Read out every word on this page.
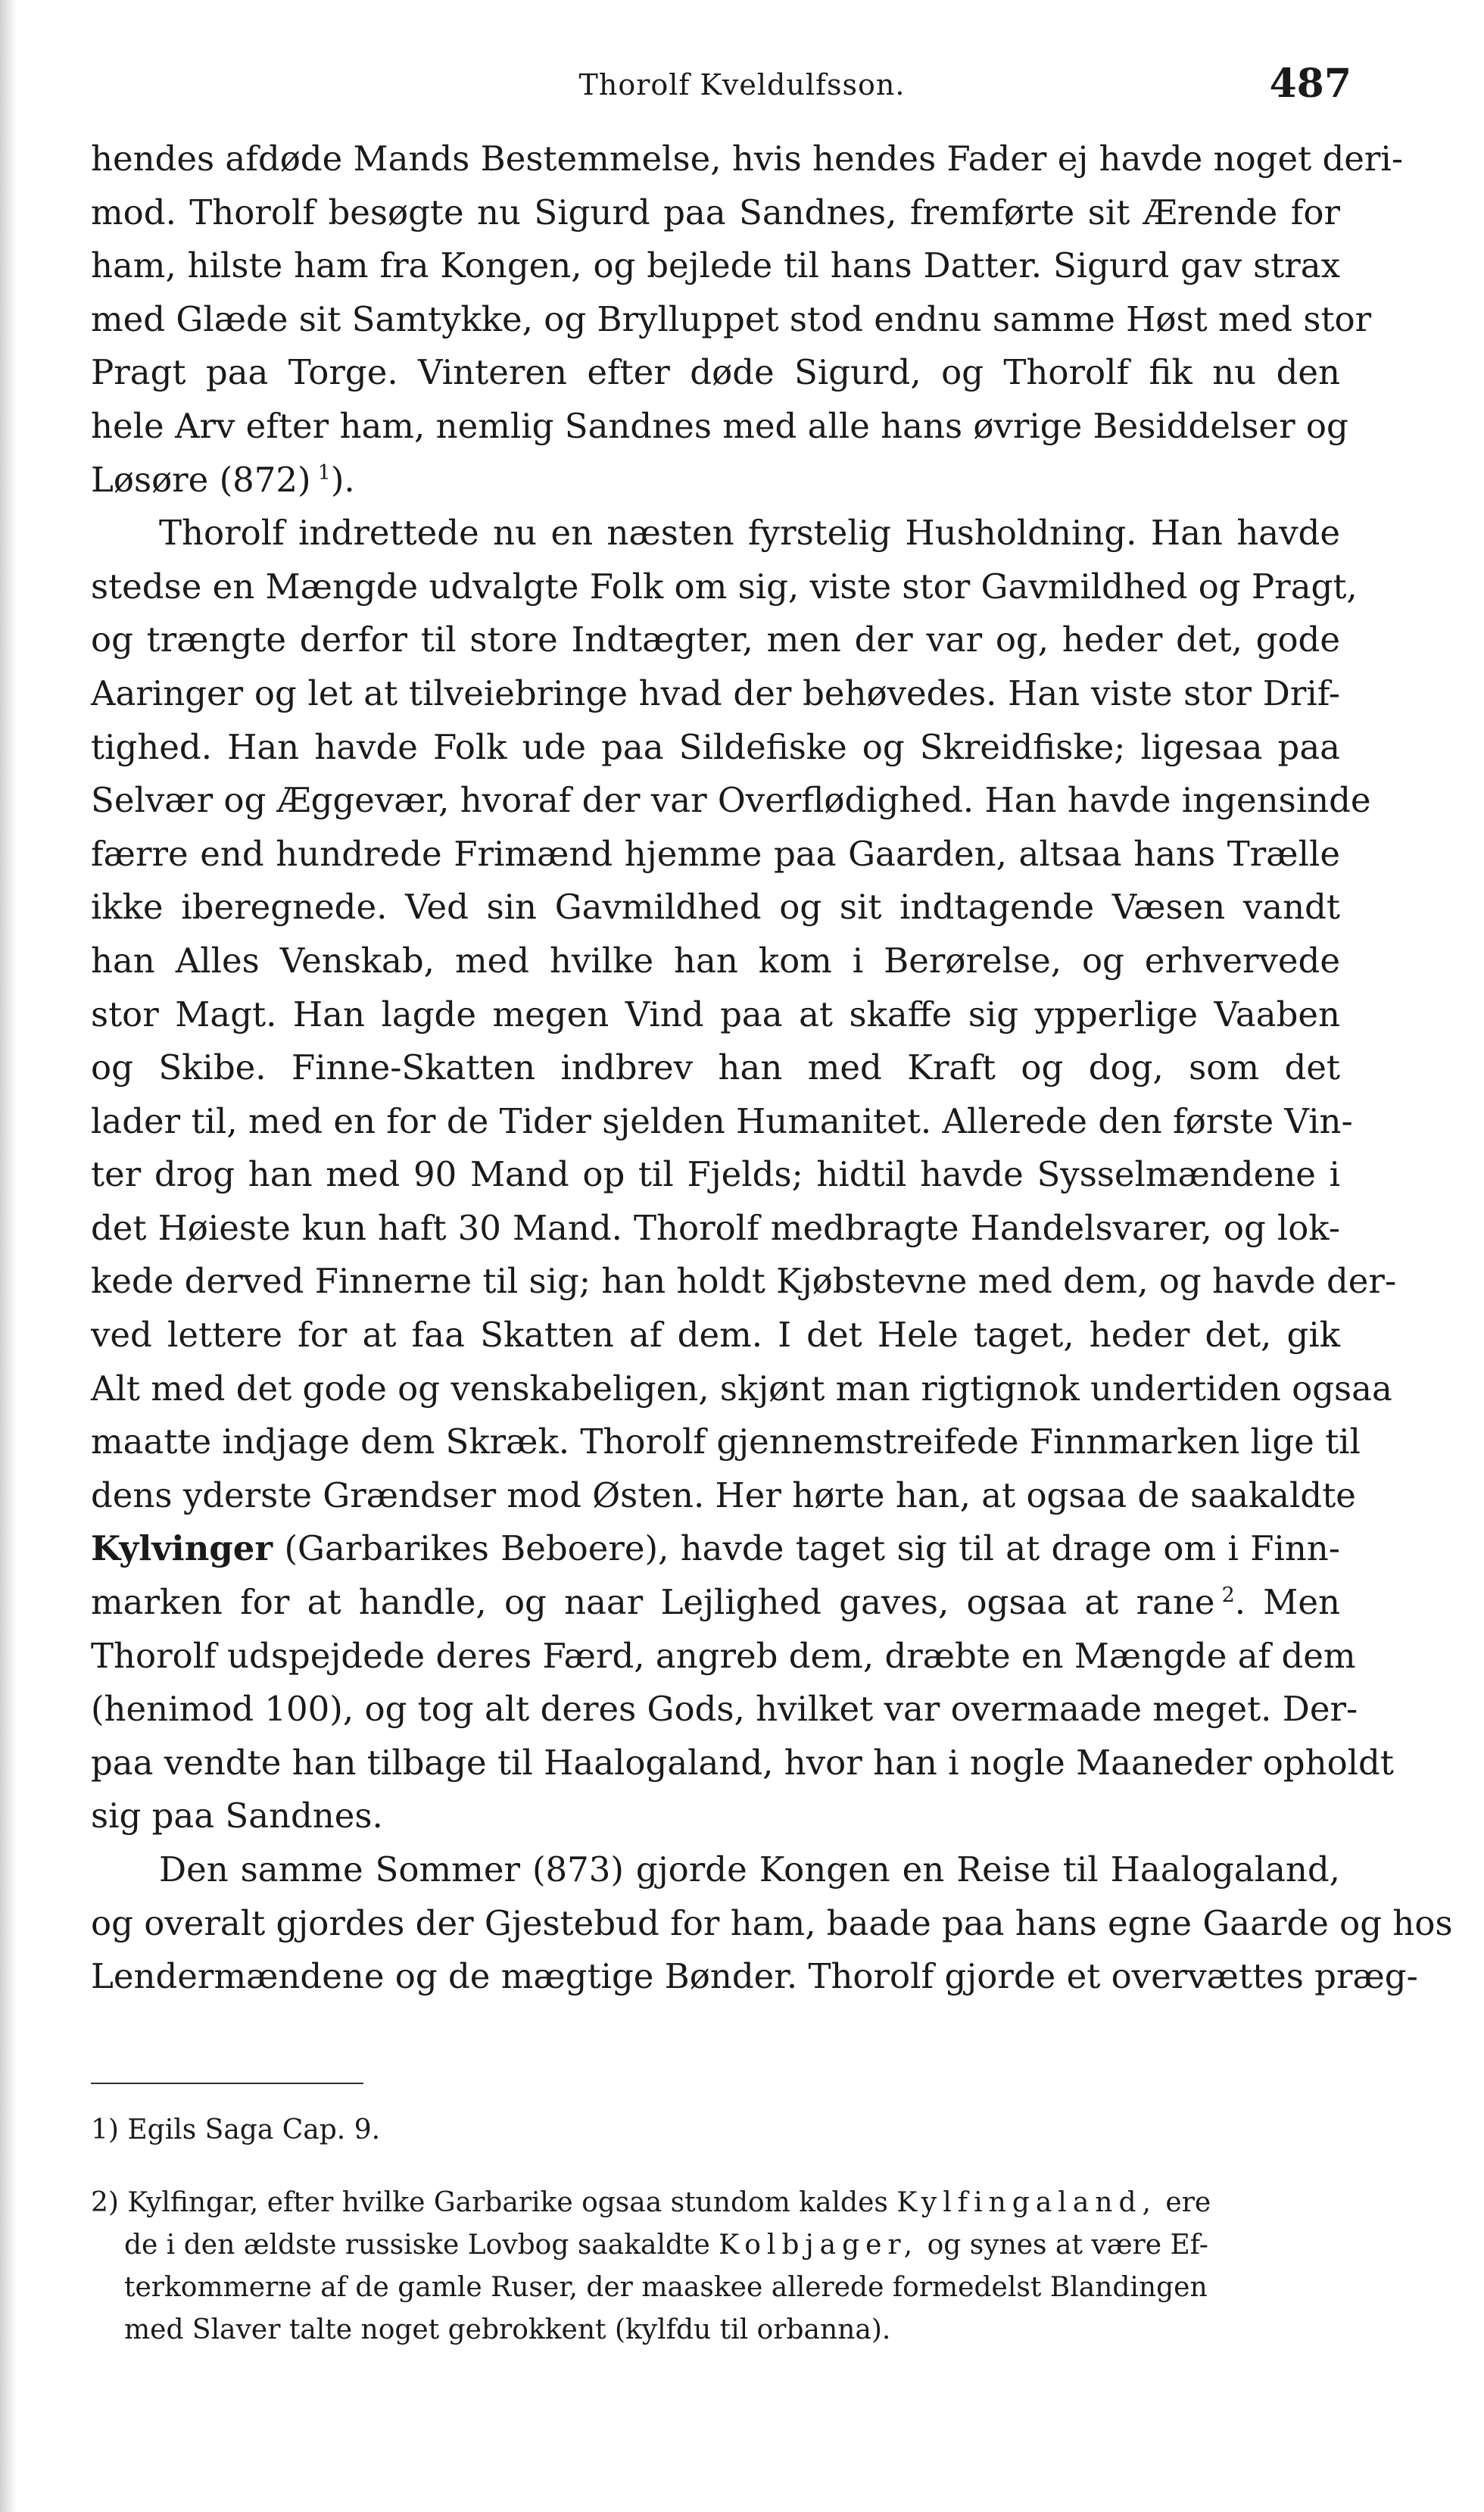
Thorolf Kveldulfsson.	487
hendes afdøde Mands Bestemmelse, hvis hendes Fader ej havde noget deri-
mod. Thorolf besøgte nu Sigurd paa Sandnes, fremførte sit Ærende for
ham, hilste ham fra Kongen, og bejlede til hans Datter. Sigurd gav strax
med Glæde sit Samtykke, og Brylluppet stod endnu samme Høst med stor
Pragt paa Torge. Vinteren efter døde Sigurd, og Thorolf fik nu den
hele Arv efter ham, nemlig Sandnes med alle hans øvrige Besiddelser og
Løsøre (872)  $^1$).
Thorolf indrettede nu en næsten fyrstelig Husholdning. Han havde
stedse en Mængde udvalgte Folk om sig, viste stor Gavmildhed og Pragt,
og trængte derfor til store Indtægter, men der var og, heder det, gode
Aaringer og let at tilveiebringe hvad der behøvedes. Han viste stor Drif-
tighed. Han havde Folk ude paa Sildefiske og Skreidfiske; ligesaa paa
Selvær og Æggevær, hvoraf der var Overflødighed. Han havde ingensinde
færre end hundrede Frimænd hjemme paa Gaarden, altsaa hans Trælle
ikke iberegnede. Ved sin Gavmildhed og sit indtagende Væsen vandt
han Alles Venskab, med hvilke han kom i Berørelse, og erhvervede
stor Magt. Han lagde megen Vind paa at skaffe sig ypperlige Vaaben
og Skibe. Finne-Skatten indbrev han med Kraft og dog, som det
lader til, med en for de Tider sjelden Humanitet. Allerede den første Vin-
ter drog han med 90 Mand op til Fjelds; hidtil havde Sysselmændene i
det Høieste kun haft 30 Mand. Thorolf medbragte Handelsvarer, og lok-
kede derved Finnerne til sig; han holdt Kjøbstevne med dem, og havde der-
ved lettere for at faa Skatten af dem. I det Hele taget, heder det, gik
Alt med det gode og venskabeligen, skjønt man rigtignok undertiden ogsaa
maatte indjage dem Skræk. Thorolf gjennemstreifede Finnmarken lige til
dens yderste Grændser mod Østen. Her hørte han, at ogsaa de saakaldte
Kylvinger (Garbarikes Beboere), havde taget sig til at drage om i Finn-
marken for at handle, og naar Lejlighed gaves, ogsaa at rane  $^2$. Men
Thorolf udspejdede deres Færd, angreb dem, dræbte en Mængde af dem
(henimod 100), og tog alt deres Gods, hvilket var overmaade meget. Der-
paa vendte han tilbage til Haalogaland, hvor han i nogle Maaneder opholdt
sig paa Sandnes.
Den samme Sommer (873) gjorde Kongen en Reise til Haalogaland,
og overalt gjordes der Gjestebud for ham, baade paa hans egne Gaarde og hos
Lendermændene og de mægtige Bønder. Thorolf gjorde et overvættes præg-
1) Egils Saga Cap. 9.
2) Kylfingar, efter hvilke Garbarike ogsaa stundom kaldes Kylfingaland, ere
de i den ældste russiske Lovbog saakaldte Kolbjager, og synes at være Ef-
terkommerne af de gamle Ruser, der maaskee allerede formedelst Blandingen
med Slaver talte noget gebrokkent (kylfdu til orbanna).
